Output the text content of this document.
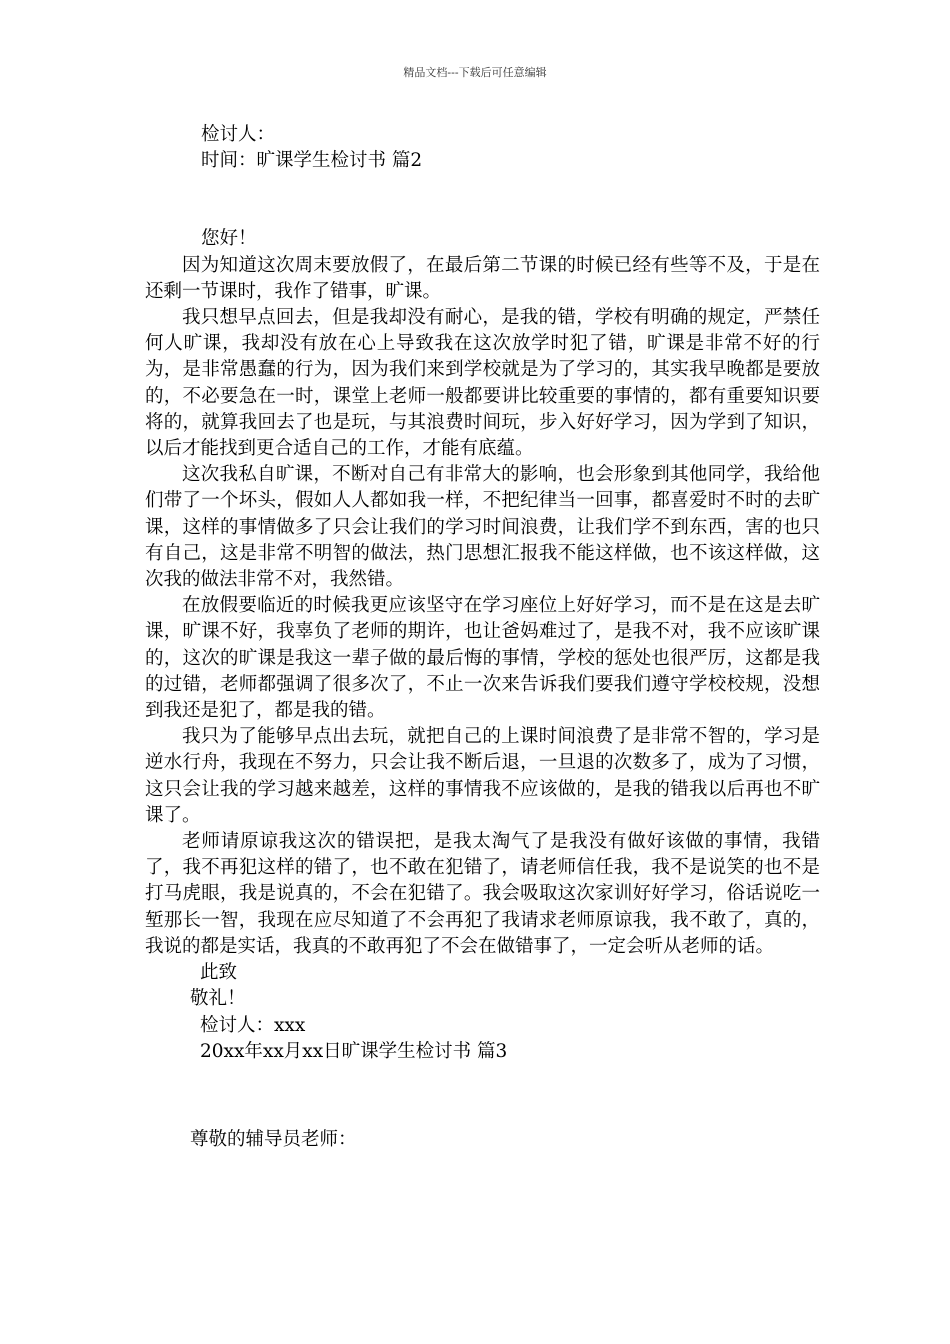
精品文档---下载后可任意编辑
检讨人：
时间：旷课学生检讨书 篇2
您好！
因为知道这次周末要放假了，在最后第二节课的时候已经有些等不及，于是在还剩一节课时，我作了错事，旷课。
我只想早点回去，但是我却没有耐心，是我的错，学校有明确的规定，严禁任何人旷课，我却没有放在心上导致我在这次放学时犯了错，旷课是非常不好的行为，是非常愚蠢的行为，因为我们来到学校就是为了学习的，其实我早晚都是要放的，不必要急在一时，课堂上老师一般都要讲比较重要的事情的，都有重要知识要将的，就算我回去了也是玩，与其浪费时间玩，步入好好学习，因为学到了知识，以后才能找到更合适自己的工作，才能有底蕴。
这次我私自旷课，不断对自己有非常大的影响，也会形象到其他同学，我给他们带了一个坏头，假如人人都如我一样，不把纪律当一回事，都喜爱时不时的去旷课，这样的事情做多了只会让我们的学习时间浪费，让我们学不到东西，害的也只有自己，这是非常不明智的做法，热门思想汇报我不能这样做，也不该这样做，这次我的做法非常不对，我然错。
在放假要临近的时候我更应该坚守在学习座位上好好学习，而不是在这是去旷课，旷课不好，我辜负了老师的期许，也让爸妈难过了，是我不对，我不应该旷课的，这次的旷课是我这一辈子做的最后悔的事情，学校的惩处也很严厉，这都是我的过错，老师都强调了很多次了，不止一次来告诉我们要我们遵守学校校规，没想到我还是犯了，都是我的错。
我只为了能够早点出去玩，就把自己的上课时间浪费了是非常不智的，学习是逆水行舟，我现在不努力，只会让我不断后退，一旦退的次数多了，成为了习惯，这只会让我的学习越来越差，这样的事情我不应该做的，是我的错我以后再也不旷课了。
老师请原谅我这次的错误把，是我太淘气了是我没有做好该做的事情，我错了，我不再犯这样的错了，也不敢在犯错了，请老师信任我，我不是说笑的也不是打马虎眼，我是说真的，不会在犯错了。我会吸取这次家训好好学习，俗话说吃一堑那长一智，我现在应尽知道了不会再犯了我请求老师原谅我，我不敢了，真的，我说的都是实话，我真的不敢再犯了不会在做错事了，一定会听从老师的话。
此致
敬礼！
检讨人：xxx
20xx年xx月xx日旷课学生检讨书 篇3
尊敬的辅导员老师：
